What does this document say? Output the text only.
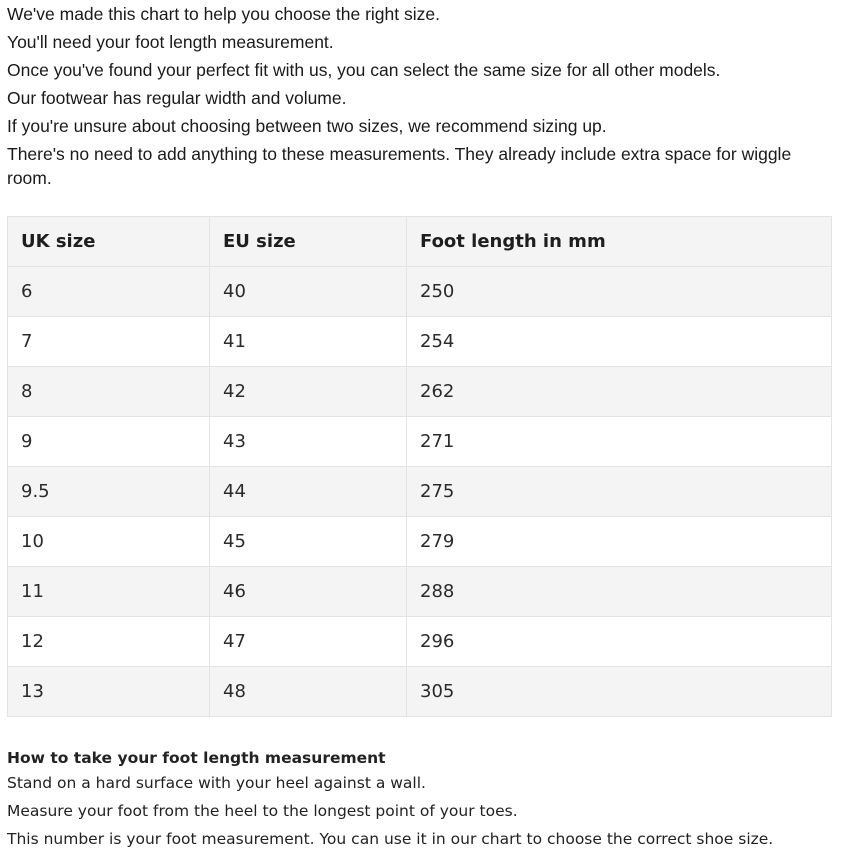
We've made this chart to help you choose the right size.

You'll need your foot length measurement.

Once you've found your perfect fit with us, you can select the same size for all other models.

Our footwear has regular width and volume.

If you're unsure about choosing between two sizes, we recommend sizing up.

There's no need to add anything to these measurements. They already include extra space for wiggle room.

UK size	EU size	Foot length in mm
6	40	250
7	41	254
8	42	262
9	43	271
9.5	44	275
10	45	279
11	46	288
12	47	296
13	48	305
How to take your foot length measurement

Stand on a hard surface with your heel against a wall.

Measure your foot from the heel to the longest point of your toes.

This number is your foot measurement. You can use it in our chart to choose the correct shoe size.
